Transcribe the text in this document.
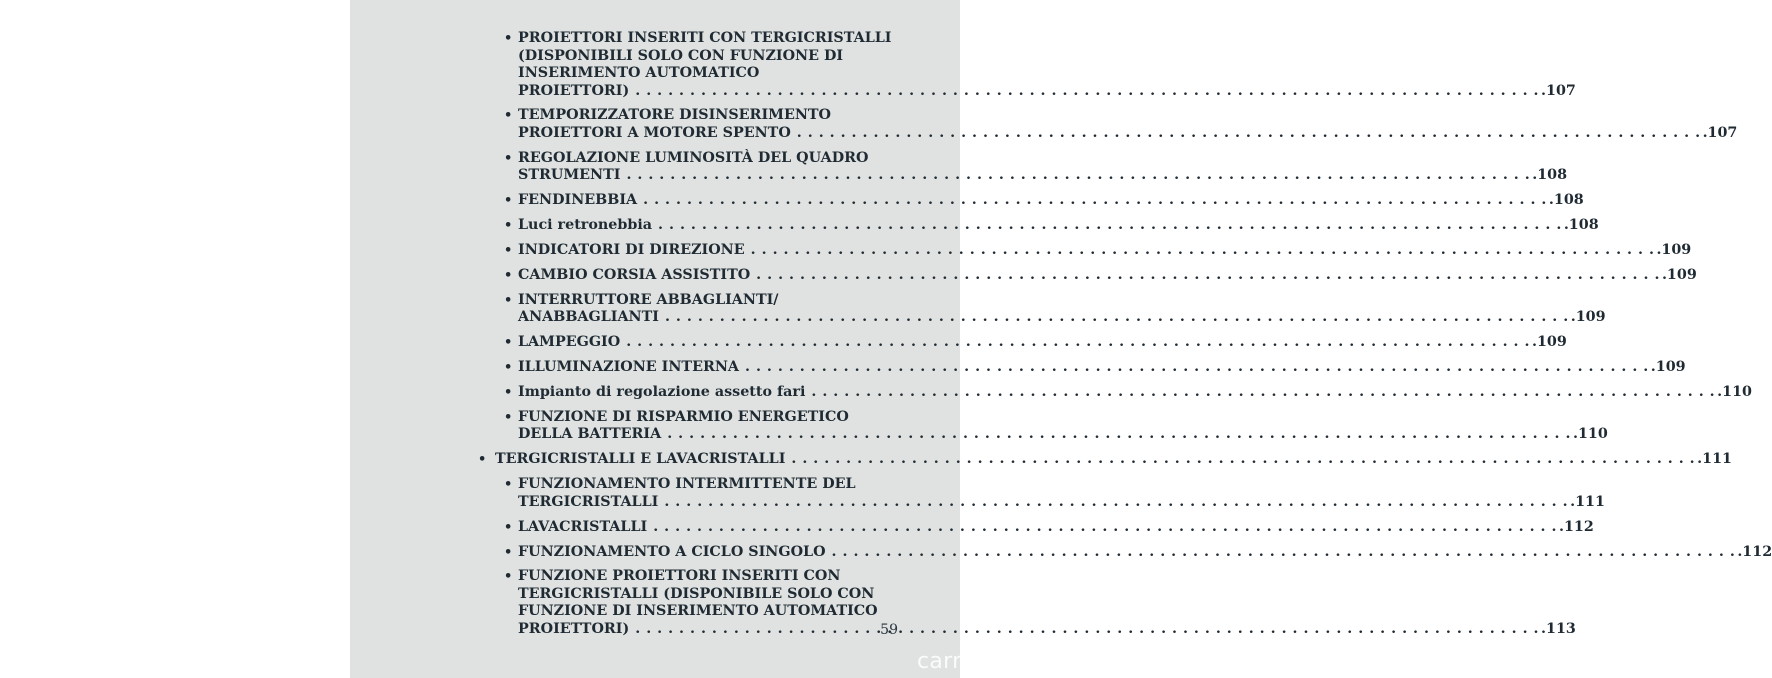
• PROIETTORI INSERITI CON TERGICRISTALLI
(DISPONIBILI SOLO CON FUNZIONE DI
INSERIMENTO AUTOMATICO
PROIETTORI) . . .	.107
• TEMPORIZZATORE DISINSERIMENTO
PROIETTORI A MOTORE SPENTO . . .	.107
• REGOLAZIONE LUMINOSITÀ DEL QUADRO
STRUMENTI . . .	.108
• FENDINEBBIA . . .	.108
• Luci retronebbia . . .	.108
• INDICATORI DI DIREZIONE . . .	.109
• CAMBIO CORSIA ASSISTITO . . .	.109
• INTERRUTTORE ABBAGLIANTI/
ANABBAGLIANTI . . .	.109
• LAMPEGGIO . . .	.109
• ILLUMINAZIONE INTERNA . . .	.109
• Impianto di regolazione assetto fari . . .	.110
• FUNZIONE DI RISPARMIO ENERGETICO
DELLA BATTERIA . . .	.110
• TERGICRISTALLI E LAVACRISTALLI . . .	.111
• FUNZIONAMENTO INTERMITTENTE DEL
TERGICRISTALLI . . .	.111
• LAVACRISTALLI . . .	.112
• FUNZIONAMENTO A CICLO SINGOLO . . .	.112
• FUNZIONE PROIETTORI INSERITI CON
TERGICRISTALLI (DISPONIBILE SOLO CON
FUNZIONE DI INSERIMENTO AUTOMATICO
PROIETTORI) . . .	.113
59
carmanualsonline.info
